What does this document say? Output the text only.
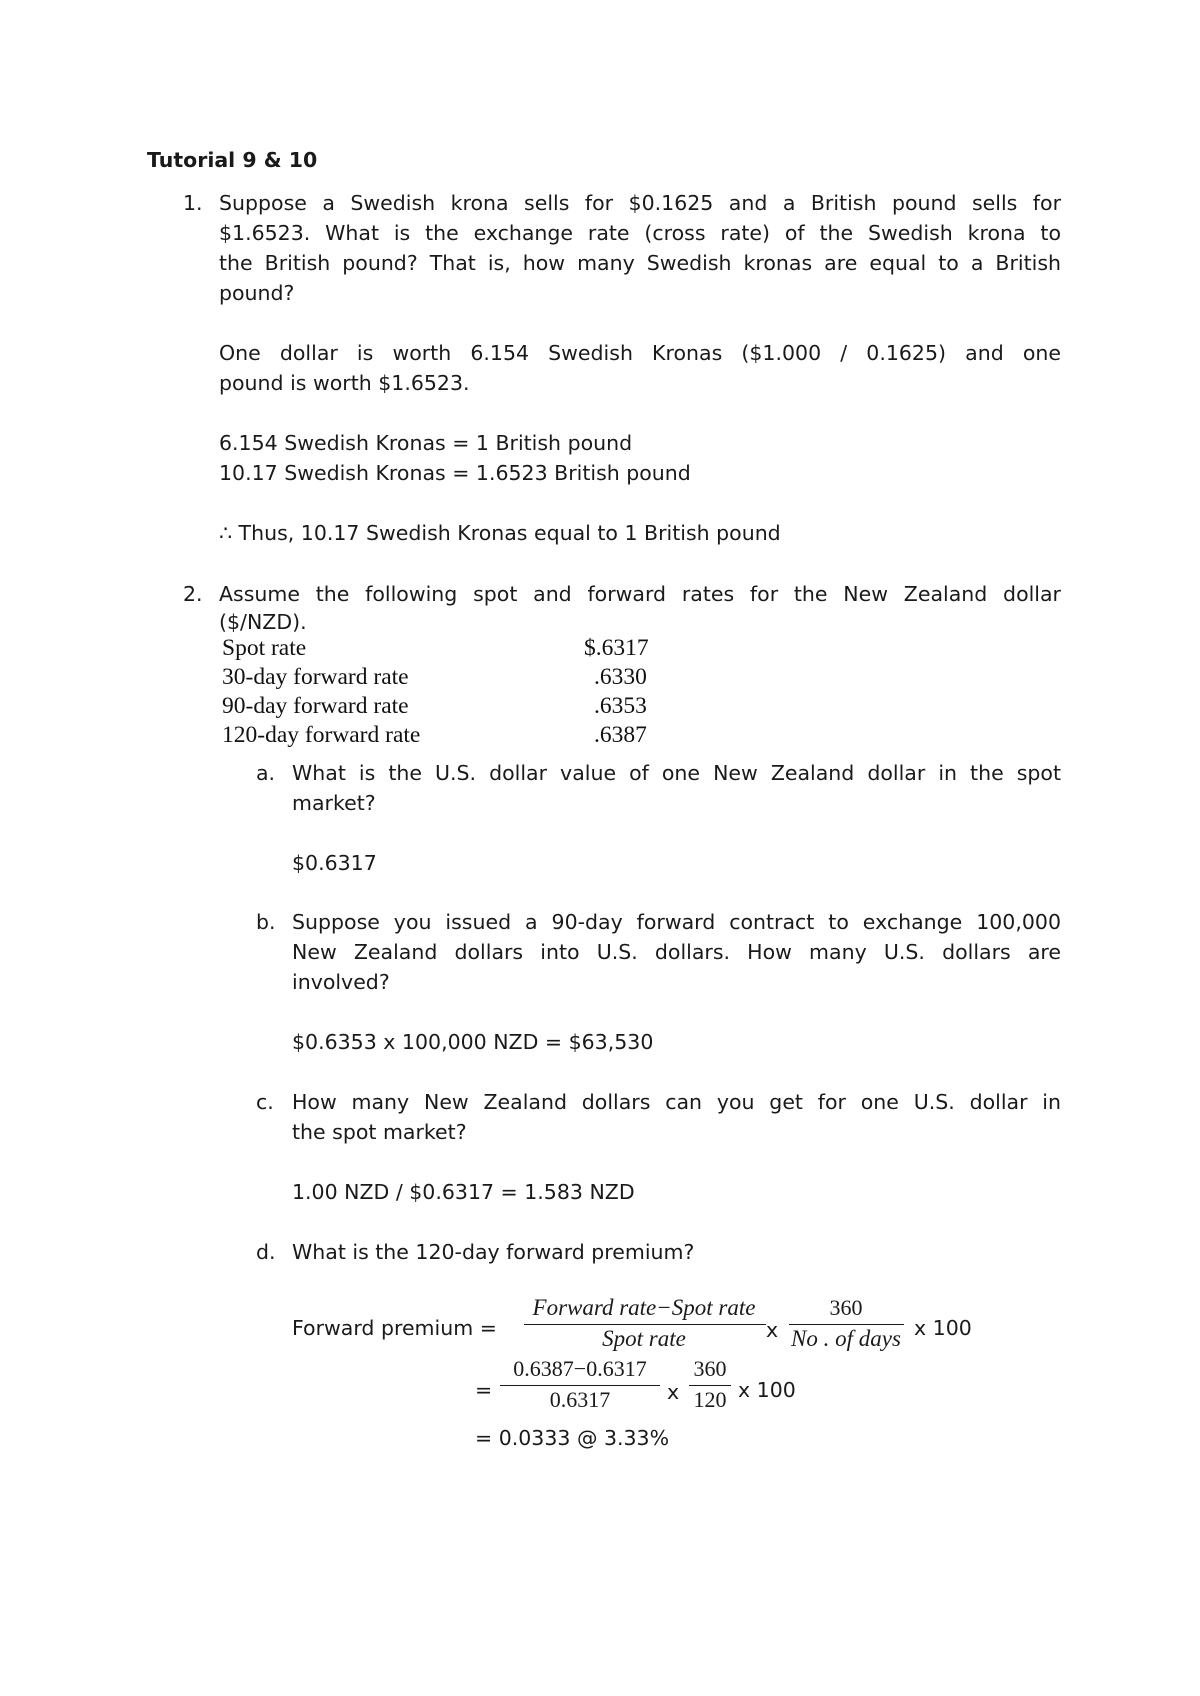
Tutorial 9 & 10
1. Suppose a Swedish krona sells for $0.1625 and a British pound sells for
$1.6523. What is the exchange rate (cross rate) of the Swedish krona to
the British pound? That is, how many Swedish kronas are equal to a British
pound?
One dollar is worth 6.154 Swedish Kronas ($1.000 / 0.1625) and one
pound is worth $1.6523.
6.154 Swedish Kronas = 1 British pound
10.17 Swedish Kronas = 1.6523 British pound
∴ Thus, 10.17 Swedish Kronas equal to 1 British pound
2. Assume the following spot and forward rates for the New Zealand dollar
($/NZD).
Spot rate	$.6317
30-day forward rate	.6330
90-day forward rate	.6353
120-day forward rate	.6387
a. What is the U.S. dollar value of one New Zealand dollar in the spot
market?
$0.6317
b. Suppose you issued a 90-day forward contract to exchange 100,000
New Zealand dollars into U.S. dollars. How many U.S. dollars are
involved?
$0.6353 x 100,000 NZD = $63,530
c. How many New Zealand dollars can you get for one U.S. dollar in
the spot market?
1.00 NZD / $0.6317 = 1.583 NZD
d. What is the 120-day forward premium?
Forward premium =
Forward rate−Spot rate
Spot rate	x
360
No . of days x 100
=
0.6387−0.6317
0.6317	x
360
120 x 100
= 0.0333 @ 3.33%
